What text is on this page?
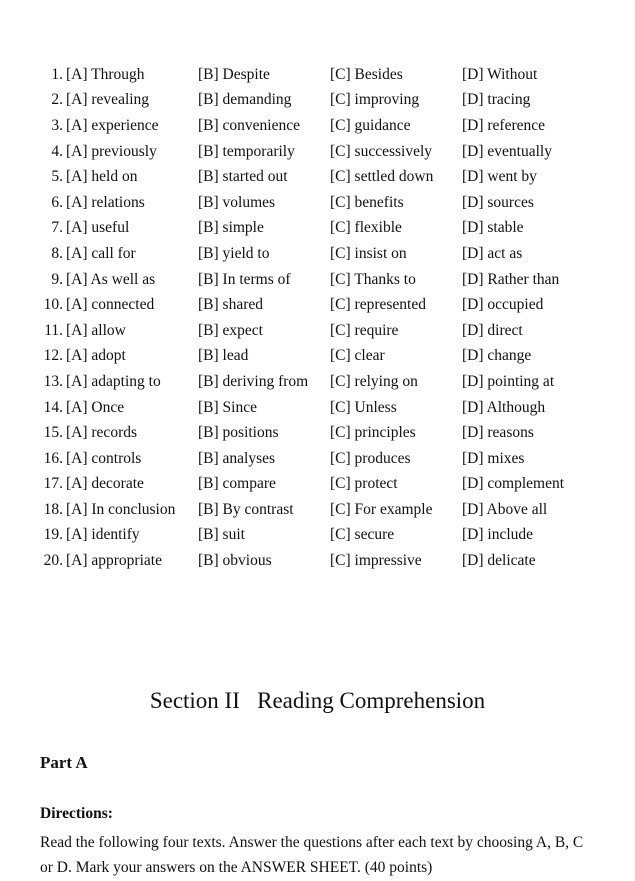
1. [A] Through	[B] Despite	[C] Besides	[D] Without
2. [A] revealing	[B] demanding	[C] improving	[D] tracing
3. [A] experience	[B] convenience	[C] guidance	[D] reference
4. [A] previously	[B] temporarily	[C] successively	[D] eventually
5. [A] held on	[B] started out	[C] settled down	[D] went by
6. [A] relations	[B] volumes	[C] benefits	[D] sources
7. [A] useful	[B] simple	[C] flexible	[D] stable
8. [A] call for	[B] yield to	[C] insist on	[D] act as
9. [A] As well as	[B] In terms of	[C] Thanks to	[D] Rather than
10. [A] connected	[B] shared	[C] represented	[D] occupied
11. [A] allow	[B] expect	[C] require	[D] direct
12. [A] adopt	[B] lead	[C] clear	[D] change
13. [A] adapting to	[B] deriving from	[C] relying on	[D] pointing at
14. [A] Once	[B] Since	[C] Unless	[D] Although
15. [A] records	[B] positions	[C] principles	[D] reasons
16. [A] controls	[B] analyses	[C] produces	[D] mixes
17. [A] decorate	[B] compare	[C] protect	[D] complement
18. [A] In conclusion	[B] By contrast	[C] For example	[D] Above all
19. [A] identify	[B] suit	[C] secure	[D] include
20. [A] appropriate	[B] obvious	[C] impressive	[D] delicate
Section II   Reading Comprehension
Part A
Directions:
Read the following four texts. Answer the questions after each text by choosing A, B, C or D. Mark your answers on the ANSWER SHEET. (40 points)
